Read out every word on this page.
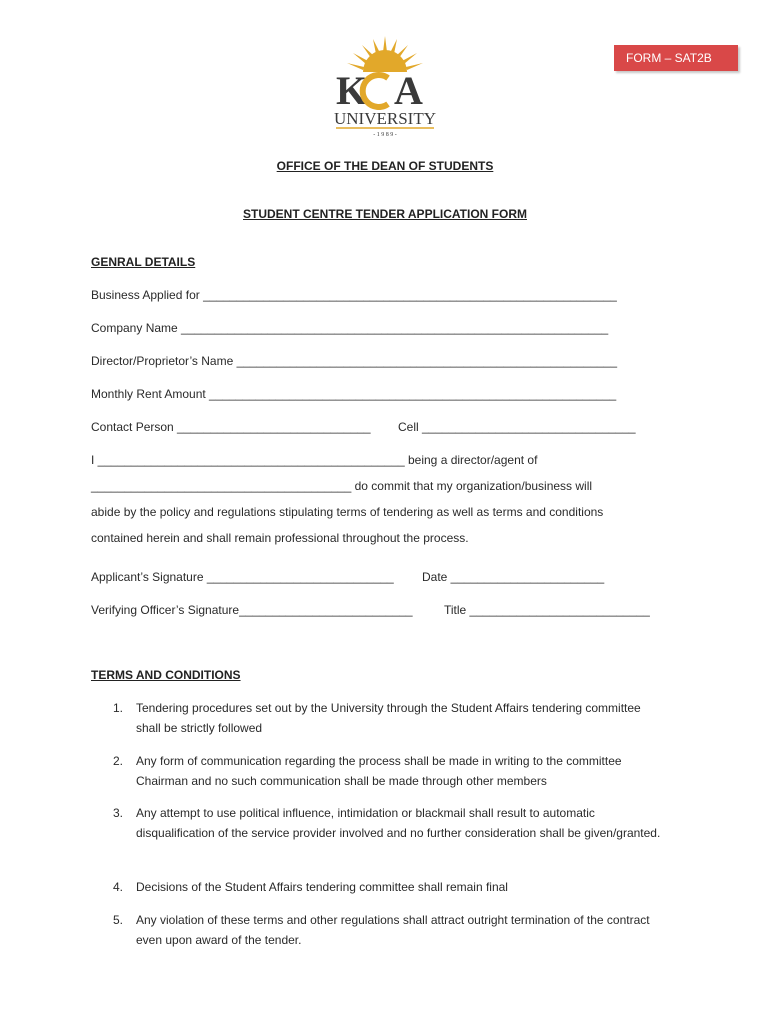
FORM – SAT2B
K A
UNIVERSITY
- 1 9 8 9 -
OFFICE OF THE DEAN OF STUDENTS
STUDENT CENTRE TENDER APPLICATION FORM
GENRAL DETAILS
Business Applied for ______________________________________________________________
Company Name ________________________________________________________________
Director/Proprietor’s Name _________________________________________________________
Monthly Rent Amount _____________________________________________________________
Contact Person _____________________________ Cell ________________________________
I ______________________________________________ being a director/agent of
_______________________________________ do commit that my organization/business will
abide by the policy and regulations stipulating terms of tendering as well as terms and conditions
contained herein and shall remain professional throughout the process.
Applicant’s Signature ____________________________ Date _______________________
Verifying Officer’s Signature__________________________	Title ___________________________
TERMS AND CONDITIONS
1.	Tendering procedures set out by the University through the Student Affairs tendering committee shall be strictly followed
2.	Any form of communication regarding the process shall be made in writing to the committee Chairman and no such communication shall be made through other members
3.	Any attempt to use political influence, intimidation or blackmail shall result to automatic disqualification of the service provider involved and no further consideration shall be given/granted.
4.	Decisions of the Student Affairs tendering committee shall remain final
5.	Any violation of these terms and other regulations shall attract outright termination of the contract even upon award of the tender.
